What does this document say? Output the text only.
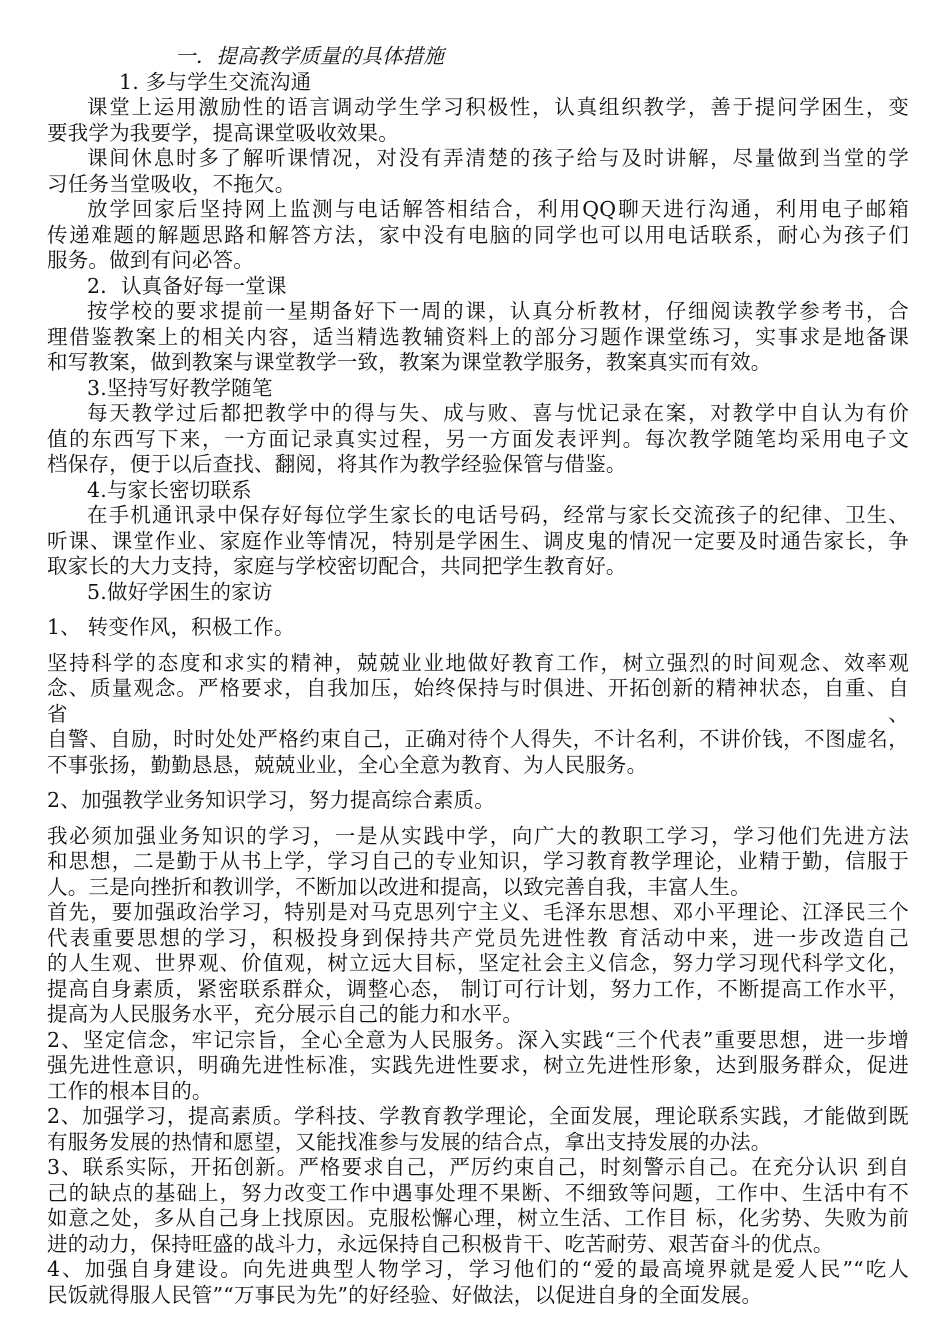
一．提高教学质量的具体措施
1. 多与学生交流沟通
课堂上运用激励性的语言调动学生学习积极性，认真组织教学，善于提问学困生，变
要我学为我要学，提高课堂吸收效果。
课间休息时多了解听课情况，对没有弄清楚的孩子给与及时讲解，尽量做到当堂的学
习任务当堂吸收，不拖欠。
放学回家后坚持网上监测与电话解答相结合，利用QQ聊天进行沟通，利用电子邮箱
传递难题的解题思路和解答方法，家中没有电脑的同学也可以用电话联系，耐心为孩子们
服务。做到有问必答。
2．认真备好每一堂课
按学校的要求提前一星期备好下一周的课，认真分析教材，仔细阅读教学参考书，合
理借鉴教案上的相关内容，适当精选教辅资料上的部分习题作课堂练习，实事求是地备课
和写教案，做到教案与课堂教学一致，教案为课堂教学服务，教案真实而有效。
3.坚持写好教学随笔
每天教学过后都把教学中的得与失、成与败、喜与忧记录在案，对教学中自认为有价
值的东西写下来，一方面记录真实过程，另一方面发表评判。每次教学随笔均采用电子文
档保存，便于以后查找、翻阅，将其作为教学经验保管与借鉴。
4.与家长密切联系
在手机通讯录中保存好每位学生家长的电话号码，经常与家长交流孩子的纪律、卫生、
听课、课堂作业、家庭作业等情况，特别是学困生、调皮鬼的情况一定要及时通告家长，争
取家长的大力支持，家庭与学校密切配合，共同把学生教育好。
5.做好学困生的家访
1、 转变作风，积极工作。
坚持科学的态度和求实的精神，兢兢业业地做好教育工作，树立强烈的时间观念、效率观
念、质量观念。严格要求，自我加压，始终保持与时俱进、开拓创新的精神状态，自重、自省、
自警、自励，时时处处严格约束自己，正确对待个人得失，不计名利，不讲价钱，不图虚名，
不事张扬，勤勤恳恳，兢兢业业，全心全意为教育、为人民服务。
2、加强教学业务知识学习，努力提高综合素质。
我必须加强业务知识的学习，一是从实践中学，向广大的教职工学习，学习他们先进方法
和思想，二是勤于从书上学，学习自己的专业知识，学习教育教学理论，业精于勤，信服于
人。三是向挫折和教训学，不断加以改进和提高，以致完善自我，丰富人生。
首先，要加强政治学习，特别是对马克思列宁主义、毛泽东思想、邓小平理论、江泽民三个
代表重要思想的学习，积极投身到保持共产党员先进性教 育活动中来，进一步改造自己
的人生观、世界观、价值观，树立远大目标，坚定社会主义信念，努力学习现代科学文化，
提高自身素质，紧密联系群众，调整心态， 制订可行计划，努力工作，不断提高工作水平，
提高为人民服务水平，充分展示自己的能力和水平。
2、坚定信念，牢记宗旨，全心全意为人民服务。深入实践“三个代表”重要思想，进一步增
强先进性意识，明确先进性标准，实践先进性要求，树立先进性形象，达到服务群众，促进
工作的根本目的。
2、加强学习，提高素质。学科技、学教育教学理论，全面发展，理论联系实践，才能做到既
有服务发展的热情和愿望，又能找准参与发展的结合点，拿出支持发展的办法。
3、联系实际，开拓创新。严格要求自己，严厉约束自己，时刻警示自己。在充分认识 到自
己的缺点的基础上，努力改变工作中遇事处理不果断、不细致等问题，工作中、生活中有不
如意之处，多从自己身上找原因。克服松懈心理，树立生活、工作目 标，化劣势、失败为前
进的动力，保持旺盛的战斗力，永远保持自己积极肯干、吃苦耐劳、艰苦奋斗的优点。
4、加强自身建设。向先进典型人物学习，学习他们的“爱的最高境界就是爱人民”“吃人
民饭就得服人民管”“万事民为先”的好经验、好做法，以促进自身的全面发展。
